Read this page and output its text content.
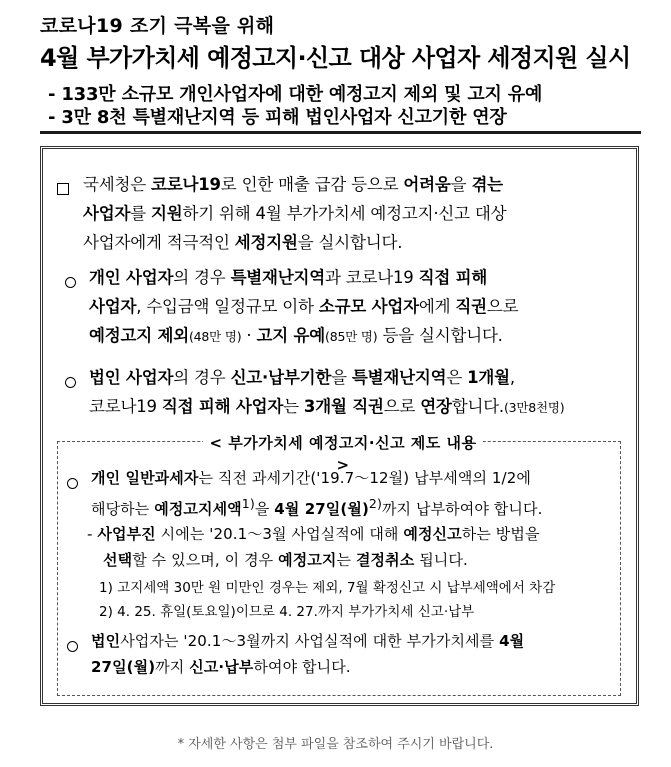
코로나19 조기 극복을 위해
4월 부가가치세 예정고지·신고 대상 사업자 세정지원 실시
- 133만 소규모 개인사업자에 대한 예정고지 제외 및 고지 유예
- 3만 8천 특별재난지역 등 피해 법인사업자 신고기한 연장
국세청은 코로나19로 인한 매출 급감 등으로 어려움을 겪는
사업자를 지원하기 위해 4월 부가가치세 예정고지·신고 대상
사업자에게 적극적인 세정지원을 실시합니다.
개인 사업자의 경우 특별재난지역과 코로나19 직접 피해
사업자, 수입금액 일정규모 이하 소규모 사업자에게 직권으로
예정고지 제외(48만 명) · 고지 유예(85만 명) 등을 실시합니다.
법인 사업자의 경우 신고·납부기한을 특별재난지역은 1개월,
코로나19 직접 피해 사업자는 3개월 직권으로 연장합니다.(3만8천명)
< 부가가치세 예정고지·신고 제도 내용 >
개인 일반과세자는 직전 과세기간('19.7～12월) 납부세액의 1/2에
해당하는 예정고지세액$^{1)}$을 4월 27일(월)$^{2)}$까지 납부하여야 합니다.
- 사업부진 시에는 '20.1～3월 사업실적에 대해 예정신고하는 방법을
선택할 수 있으며, 이 경우 예정고지는 결정취소 됩니다.
1) 고지세액 30만 원 미만인 경우는 제외, 7월 확정신고 시 납부세액에서 차감
2) 4. 25. 휴일(토요일)이므로 4. 27.까지 부가가치세 신고·납부
법인사업자는 '20.1～3월까지 사업실적에 대한 부가가치세를 4월
27일(월)까지 신고·납부하여야 합니다.
* 자세한 사항은 첨부 파일을 참조하여 주시기 바랍니다.
